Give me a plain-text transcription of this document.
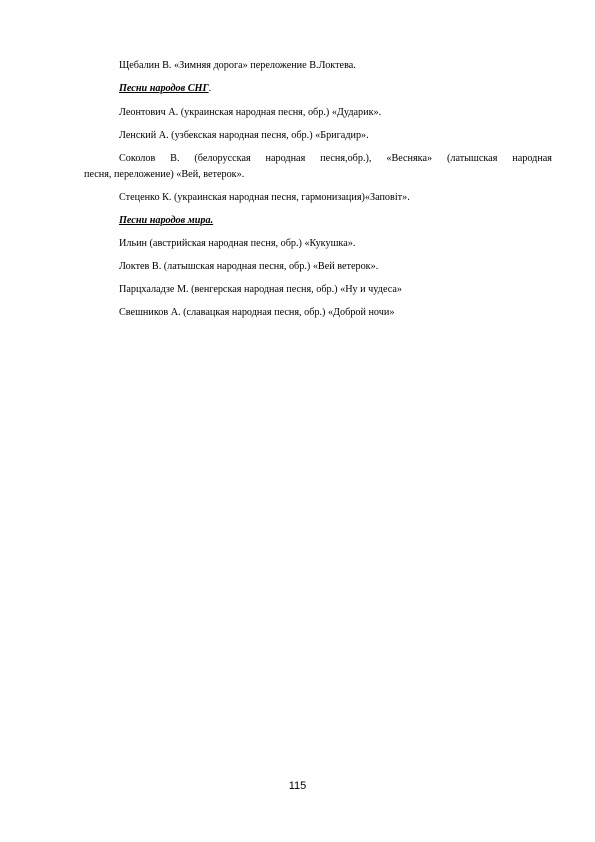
Щебалин В. «Зимняя дорога» переложение В.Локтева.
Песни народов СНГ.
Леонтович А. (украинская народная песня, обр.) «Дударик».
Ленский А. (узбекская народная песня, обр.) «Бригадир».
Соколов В. (белорусская народная песня,обр.), «Весняка» (латышская народная
песня, переложение) «Вей, ветерок».
Стеценко К. (украинская народная песня, гармонизация)«Заповіт».
Песни народов мира.
Ильин (австрийская народная песня, обр.) «Кукушка».
Локтев В. (латышская народная песня, обр.) «Вей ветерок».
Парцхаладзе М. (венгерская народная песня, обр.) «Ну и чудеса»
Свешников А. (славацкая народная песня, обр.) «Доброй ночи»
115
